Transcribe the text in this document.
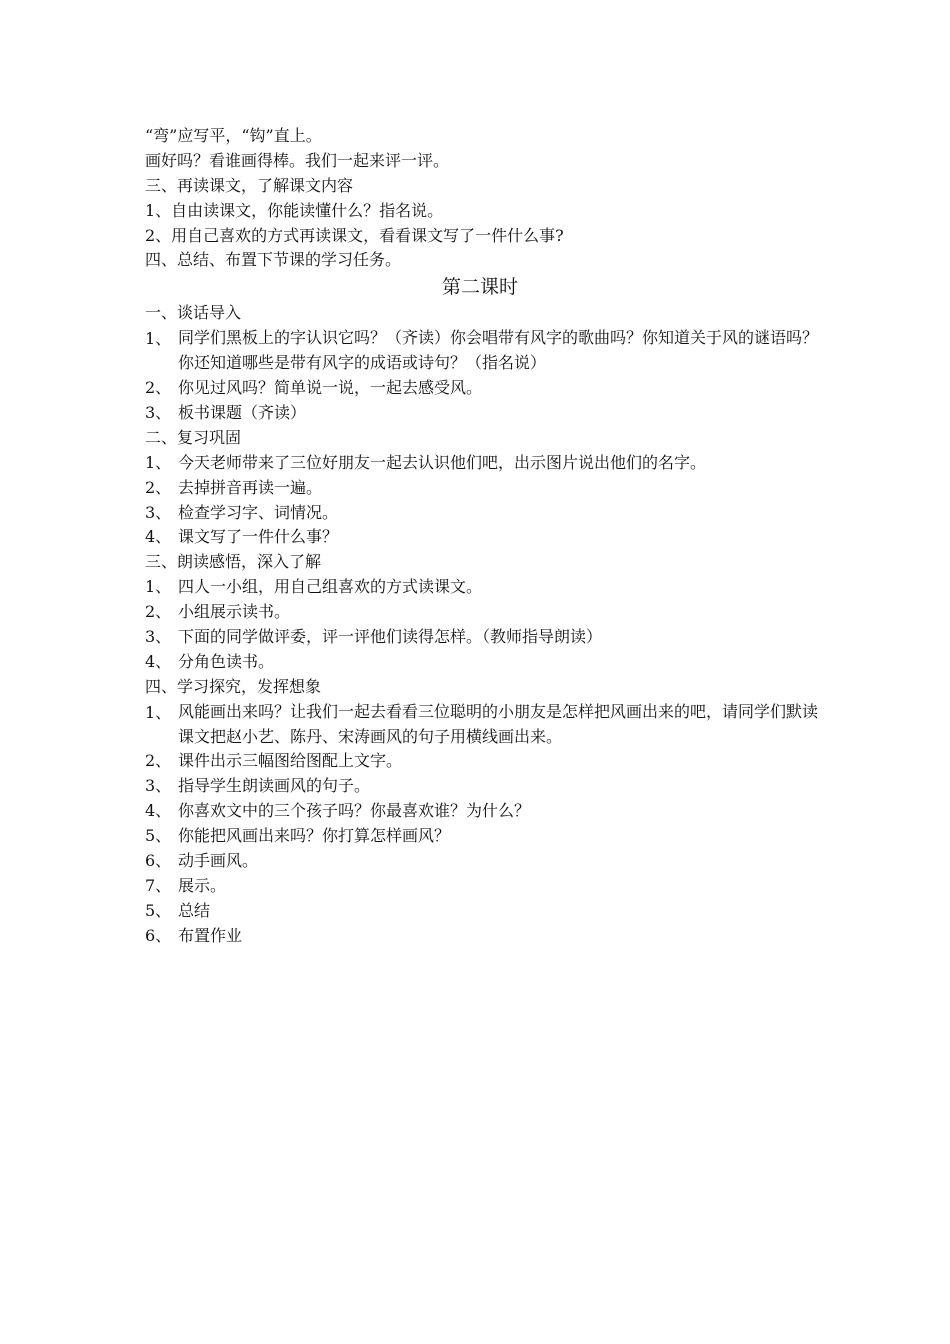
“弯”应写平，“钩”直上。
画好吗？看谁画得棒。我们一起来评一评。
三、再读课文，了解课文内容
1、自由读课文，你能读懂什么？指名说。
2、用自己喜欢的方式再读课文，看看课文写了一件什么事?
四、总结、布置下节课的学习任务。
第二课时
一、谈话导入
1、 同学们黑板上的字认识它吗？（齐读）你会唱带有风字的歌曲吗？你知道关于风的谜语吗？你还知道哪些是带有风字的成语或诗句？（指名说）
2、 你见过风吗？简单说一说，一起去感受风。
3、 板书课题（齐读）
二、复习巩固
1、 今天老师带来了三位好朋友一起去认识他们吧，出示图片说出他们的名字。
2、 去掉拼音再读一遍。
3、 检查学习字、词情况。
4、 课文写了一件什么事？
三、朗读感悟，深入了解
1、 四人一小组，用自己组喜欢的方式读课文。
2、 小组展示读书。
3、 下面的同学做评委，评一评他们读得怎样。（教师指导朗读）
4、 分角色读书。
四、学习探究，发挥想象
1、 风能画出来吗？让我们一起去看看三位聪明的小朋友是怎样把风画出来的吧，请同学们默读课文把赵小艺、陈丹、宋涛画风的句子用横线画出来。
2、 课件出示三幅图给图配上文字。
3、 指导学生朗读画风的句子。
4、 你喜欢文中的三个孩子吗？你最喜欢谁？为什么？
5、 你能把风画出来吗？你打算怎样画风？
6、 动手画风。
7、 展示。
5、 总结
6、 布置作业
